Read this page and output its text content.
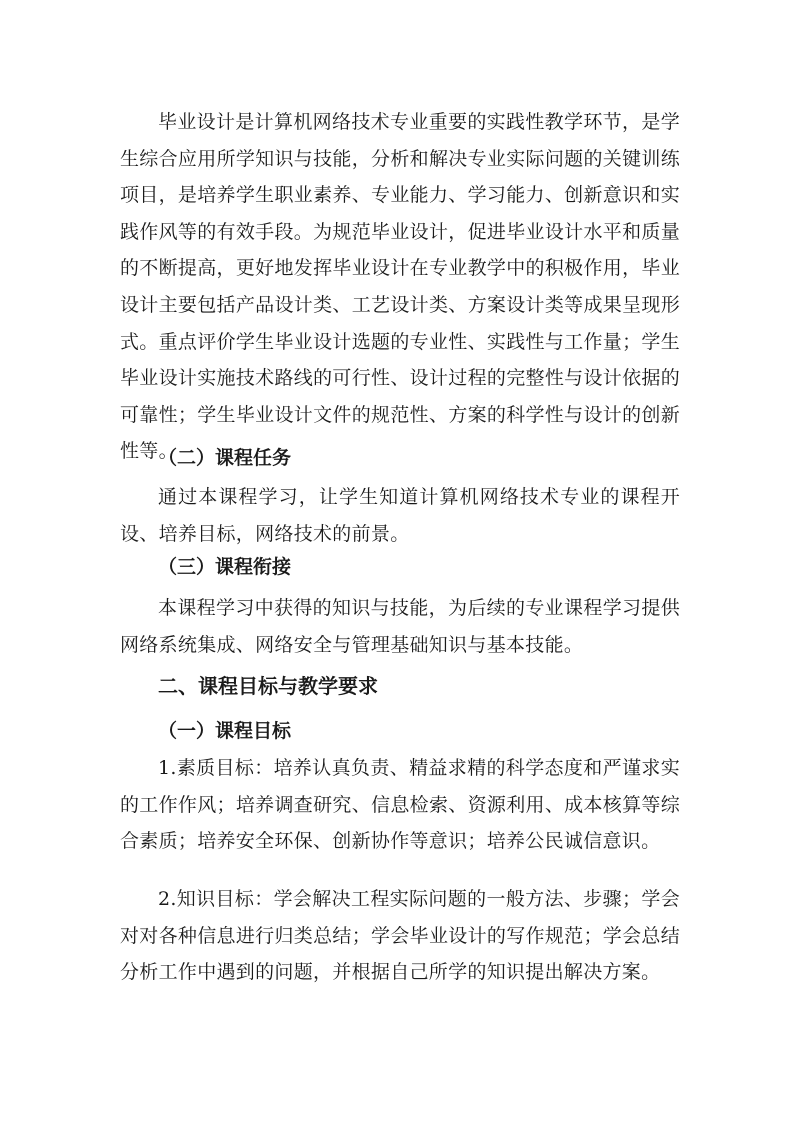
毕业设计是计算机网络技术专业重要的实践性教学环节，是学生综合应用所学知识与技能，分析和解决专业实际问题的关键训练项目，是培养学生职业素养、专业能力、学习能力、创新意识和实践作风等的有效手段。为规范毕业设计，促进毕业设计水平和质量的不断提高，更好地发挥毕业设计在专业教学中的积极作用，毕业设计主要包括产品设计类、工艺设计类、方案设计类等成果呈现形式。重点评价学生毕业设计选题的专业性、实践性与工作量；学生毕业设计实施技术路线的可行性、设计过程的完整性与设计依据的可靠性；学生毕业设计文件的规范性、方案的科学性与设计的创新性等。

（二）课程任务

通过本课程学习，让学生知道计算机网络技术专业的课程开设、培养目标，网络技术的前景。

（三）课程衔接

本课程学习中获得的知识与技能，为后续的专业课程学习提供网络系统集成、网络安全与管理基础知识与基本技能。

二、课程目标与教学要求
（一）课程目标

1.素质目标：培养认真负责、精益求精的科学态度和严谨求实的工作作风；培养调查研究、信息检索、资源利用、成本核算等综合素质；培养安全环保、创新协作等意识；培养公民诚信意识。

2.知识目标：学会解决工程实际问题的一般方法、步骤；学会对对各种信息进行归类总结；学会毕业设计的写作规范；学会总结分析工作中遇到的问题，并根据自己所学的知识提出解决方案。
